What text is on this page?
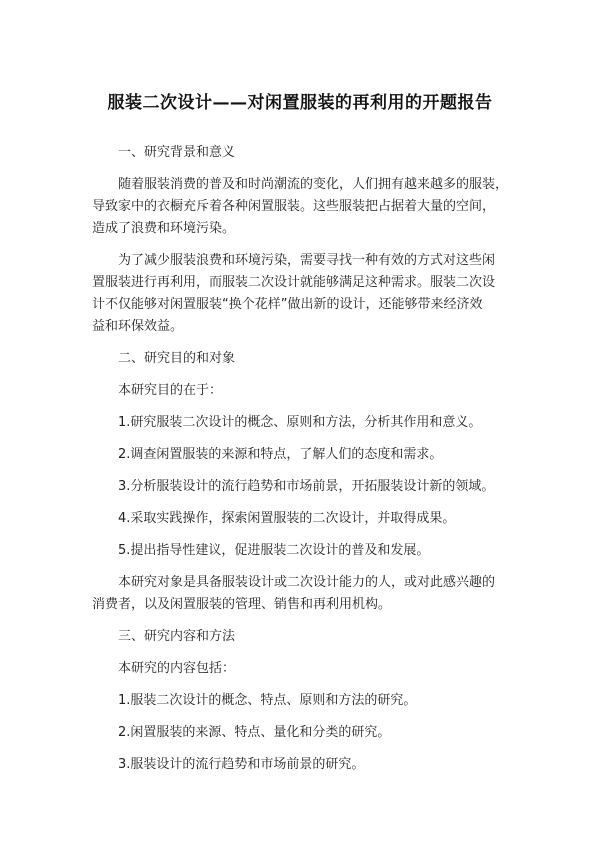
服装二次设计——对闲置服装的再利用的开题报告
一、研究背景和意义
随着服装消费的普及和时尚潮流的变化，人们拥有越来越多的服装，
导致家中的衣橱充斥着各种闲置服装。这些服装把占据着大量的空间，
造成了浪费和环境污染。
为了减少服装浪费和环境污染，需要寻找一种有效的方式对这些闲
置服装进行再利用，而服装二次设计就能够满足这种需求。服装二次设
计不仅能够对闲置服装“换个花样”做出新的设计，还能够带来经济效
益和环保效益。
二、研究目的和对象
本研究目的在于：
1.研究服装二次设计的概念、原则和方法，分析其作用和意义。
2.调查闲置服装的来源和特点，了解人们的态度和需求。
3.分析服装设计的流行趋势和市场前景，开拓服装设计新的领域。
4.采取实践操作，探索闲置服装的二次设计，并取得成果。
5.提出指导性建议，促进服装二次设计的普及和发展。
本研究对象是具备服装设计或二次设计能力的人，或对此感兴趣的
消费者，以及闲置服装的管理、销售和再利用机构。
三、研究内容和方法
本研究的内容包括：
1.服装二次设计的概念、特点、原则和方法的研究。
2.闲置服装的来源、特点、量化和分类的研究。
3.服装设计的流行趋势和市场前景的研究。
